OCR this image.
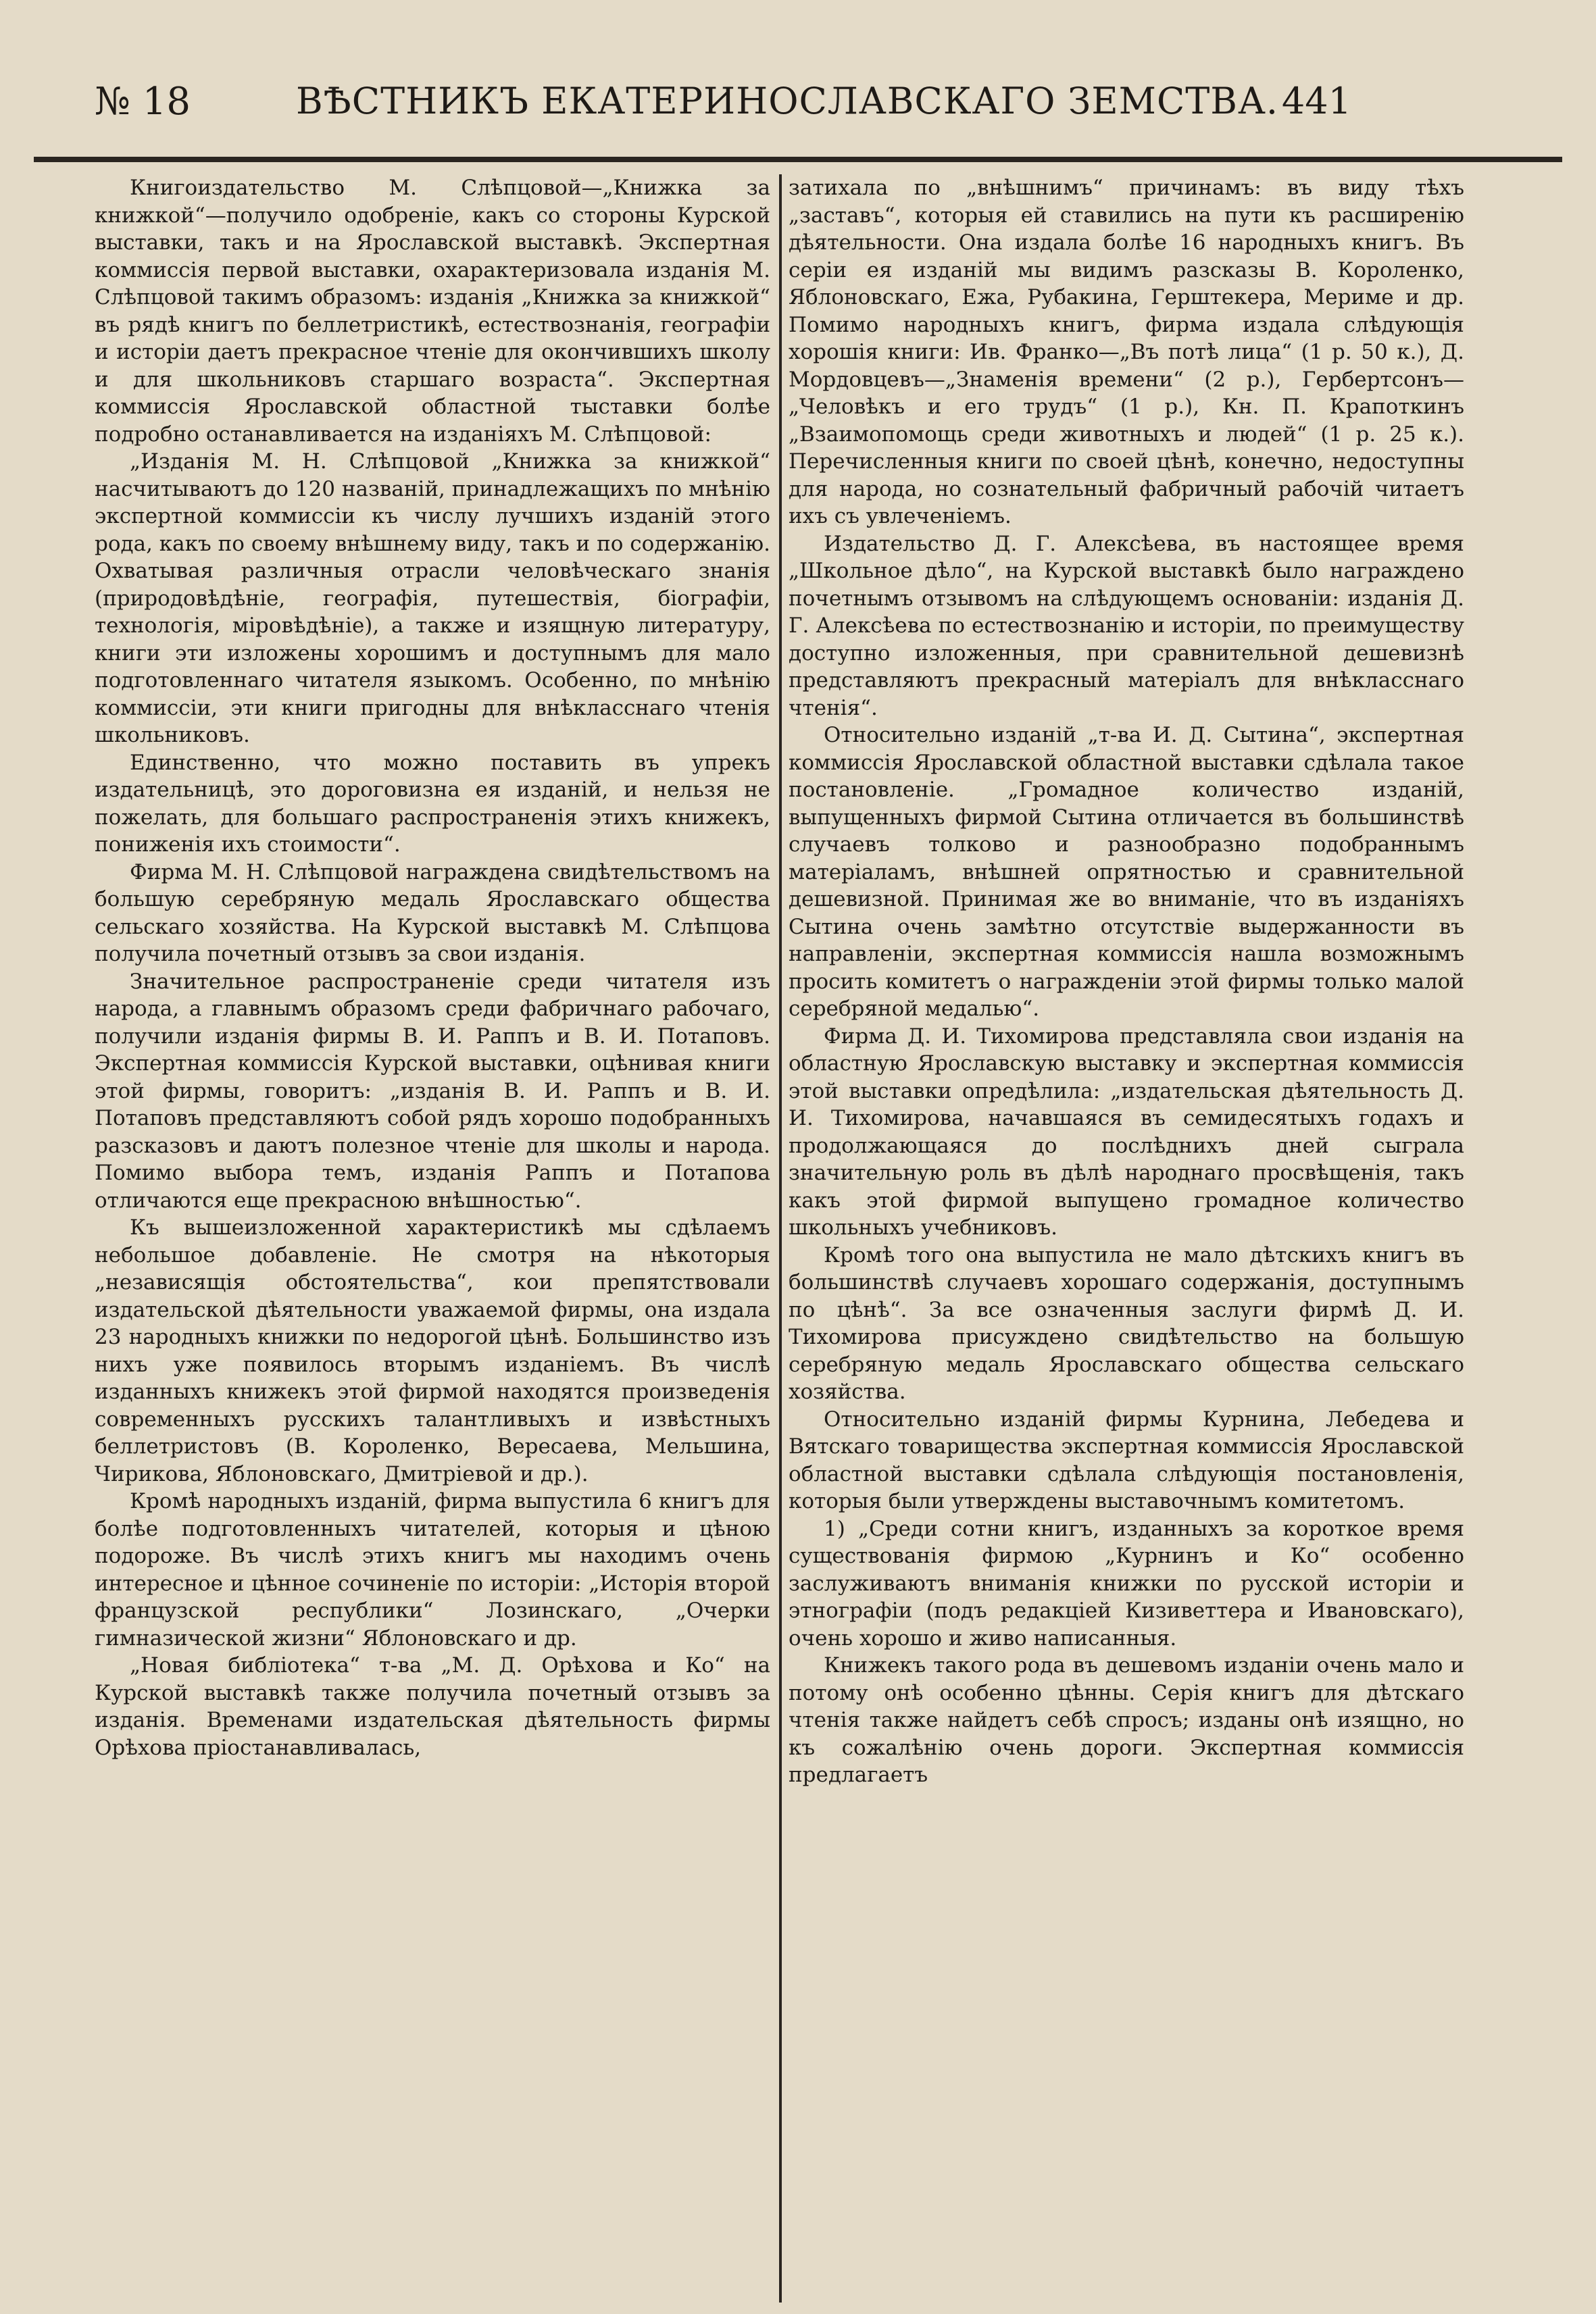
№ 18	ВѢСТНИКЪ ЕКАТЕРИНОСЛАВСКАГО ЗЕМСТВА. 441

Книгоиздательство М. Слѣпцовой—„Книжка за книжкой“—получило одобреніе, какъ со стороны Курской выставки, такъ и на Ярославской выставкѣ. Экспертная коммиссія первой выставки, охарактеризовала изданія М. Слѣпцовой такимъ образомъ: изданія „Книжка за книжкой“ въ рядѣ книгъ по беллетристикѣ, естествознанія, географіи и исторіи даетъ прекрасное чтеніе для окончившихъ школу и для школьниковъ старшаго возраста“. Экспертная коммиссія Ярославской областной тыставки болѣе подробно останавливается на изданіяхъ М. Слѣпцовой:

„Изданія М. Н. Слѣпцовой „Книжка за книжкой“ насчитываютъ до 120 названій, принадлежащихъ по мнѣнію экспертной коммиссіи къ числу лучшихъ изданій этого рода, какъ по своему внѣшнему виду, такъ и по содержанію. Охватывая различныя отрасли человѣческаго знанія (природовѣдѣніе, географія, путешествія, біографіи, технологія, міровѣдѣніе), а также и изящную литературу, книги эти изложены хорошимъ и доступнымъ для мало подготовленнаго читателя языкомъ. Особенно, по мнѣнію коммиссіи, эти книги пригодны для внѣкласснаго чтенія школьниковъ.

Единственно, что можно поставить въ упрекъ издательницѣ, это дороговизна ея изданій, и нельзя не пожелать, для большаго распространенія этихъ книжекъ, пониженія ихъ стоимости“.

Фирма М. Н. Слѣпцовой награждена свидѣтельствомъ на большую серебряную медаль Ярославскаго общества сельскаго хозяйства. На Курской выставкѣ М. Слѣпцова получила почетный отзывъ за свои изданія.

Значительное распространеніе среди читателя изъ народа, а главнымъ образомъ среди фабричнаго рабочаго, получили изданія фирмы В. И. Раппъ и В. И. Потаповъ. Экспертная коммиссія Курской выставки, оцѣнивая книги этой фирмы, говоритъ: „изданія В. И. Раппъ и В. И. Потаповъ представляютъ собой рядъ хорошо подобранныхъ разсказовъ и даютъ полезное чтеніе для школы и народа. Помимо выбора темъ, изданія Раппъ и Потапова отличаются еще прекрасною внѣшностью“.

Къ вышеизложенной характеристикѣ мы сдѣлаемъ небольшое добавленіе. Не смотря на нѣкоторыя „независящія обстоятельства“, кои препятствовали издательской дѣятельности уважаемой фирмы, она издала 23 народныхъ книжки по недорогой цѣнѣ. Большинство изъ нихъ уже появилось вторымъ изданіемъ. Въ числѣ изданныхъ книжекъ этой фирмой находятся произведенія современныхъ русскихъ талантливыхъ и извѣстныхъ беллетристовъ (В. Короленко, Вересаева, Мельшина, Чирикова, Яблоновскаго, Дмитріевой и др.).

Кромѣ народныхъ изданій, фирма выпустила 6 книгъ для болѣе подготовленныхъ читателей, которыя и цѣною подороже. Въ числѣ этихъ книгъ мы находимъ очень интересное и цѣнное сочиненіе по исторіи: „Исторія второй французской республики“ Лозинскаго, „Очерки гимназической жизни“ Яблоновскаго и др.

„Новая библіотека“ т-ва „М. Д. Орѣхова и Ко“ на Курской выставкѣ также получила почетный отзывъ за изданія. Временами издательская дѣятельность фирмы Орѣхова пріостанавливалась,

затихала по „внѣшнимъ“ причинамъ: въ виду тѣхъ „заставъ“, которыя ей ставились на пути къ расширенію дѣятельности. Она издала болѣе 16 народныхъ книгъ. Въ серіи ея изданій мы видимъ разсказы В. Короленко, Яблоновскаго, Ежа, Рубакина, Герштекера, Мериме и др. Помимо народныхъ книгъ, фирма издала слѣдующія хорошія книги: Ив. Франко—„Въ потѣ лица“ (1 р. 50 к.), Д. Мордовцевъ—„Знаменія времени“ (2 р.), Гербертсонъ—„Человѣкъ и его трудъ“ (1 р.), Кн. П. Крапоткинъ „Взаимопомощь среди животныхъ и людей“ (1 р. 25 к.). Перечисленныя книги по своей цѣнѣ, конечно, недоступны для народа, но сознательный фабричный рабочій читаетъ ихъ съ увлеченіемъ.

Издательство Д. Г. Алексѣева, въ настоящее время „Школьное дѣло“, на Курской выставкѣ было награждено почетнымъ отзывомъ на слѣдующемъ основаніи: изданія Д. Г. Алексѣева по естествознанію и исторіи, по преимуществу доступно изложенныя, при сравнительной дешевизнѣ представляютъ прекрасный матеріалъ для внѣкласснаго чтенія“.

Относительно изданій „т-ва И. Д. Сытина“, экспертная коммиссія Ярославской областной выставки сдѣлала такое постановленіе. „Громадное количество изданій, выпущенныхъ фирмой Сытина отличается въ большинствѣ случаевъ толково и разнообразно подобраннымъ матеріаламъ, внѣшней опрятностью и сравнительной дешевизной. Принимая же во вниманіе, что въ изданіяхъ Сытина очень замѣтно отсутствіе выдержанности въ направленіи, экспертная коммиссія нашла возможнымъ просить комитетъ о награжденіи этой фирмы только малой серебряной медалью“.

Фирма Д. И. Тихомирова представляла свои изданія на областную Ярославскую выставку и экспертная коммиссія этой выставки опредѣлила: „издательская дѣятельность Д. И. Тихомирова, начавшаяся въ семидесятыхъ годахъ и продолжающаяся до послѣднихъ дней сыграла значительную роль въ дѣлѣ народнаго просвѣщенія, такъ какъ этой фирмой выпущено громадное количество школьныхъ учебниковъ.

Кромѣ того она выпустила не мало дѣтскихъ книгъ въ большинствѣ случаевъ хорошаго содержанія, доступнымъ по цѣнѣ“. За все означенныя заслуги фирмѣ Д. И. Тихомирова присуждено свидѣтельство на большую серебряную медаль Ярославскаго общества сельскаго хозяйства.

Относительно изданій фирмы Курнина, Лебедева и Вятскаго товарищества экспертная коммиссія Ярославской областной выставки сдѣлала слѣдующія постановленія, которыя были утверждены выставочнымъ комитетомъ.

1) „Среди сотни книгъ, изданныхъ за короткое время существованія фирмою „Курнинъ и Ко“ особенно заслуживаютъ вниманія книжки по русской исторіи и этнографіи (подъ редакціей Кизиветтера и Ивановскаго), очень хорошо и живо написанныя.

Книжекъ такого рода въ дешевомъ изданіи очень мало и потому онѣ особенно цѣнны. Серія книгъ для дѣтскаго чтенія также найдетъ себѣ спросъ; изданы онѣ изящно, но къ сожалѣнію очень дороги. Экспертная коммиссія предлагаетъ
